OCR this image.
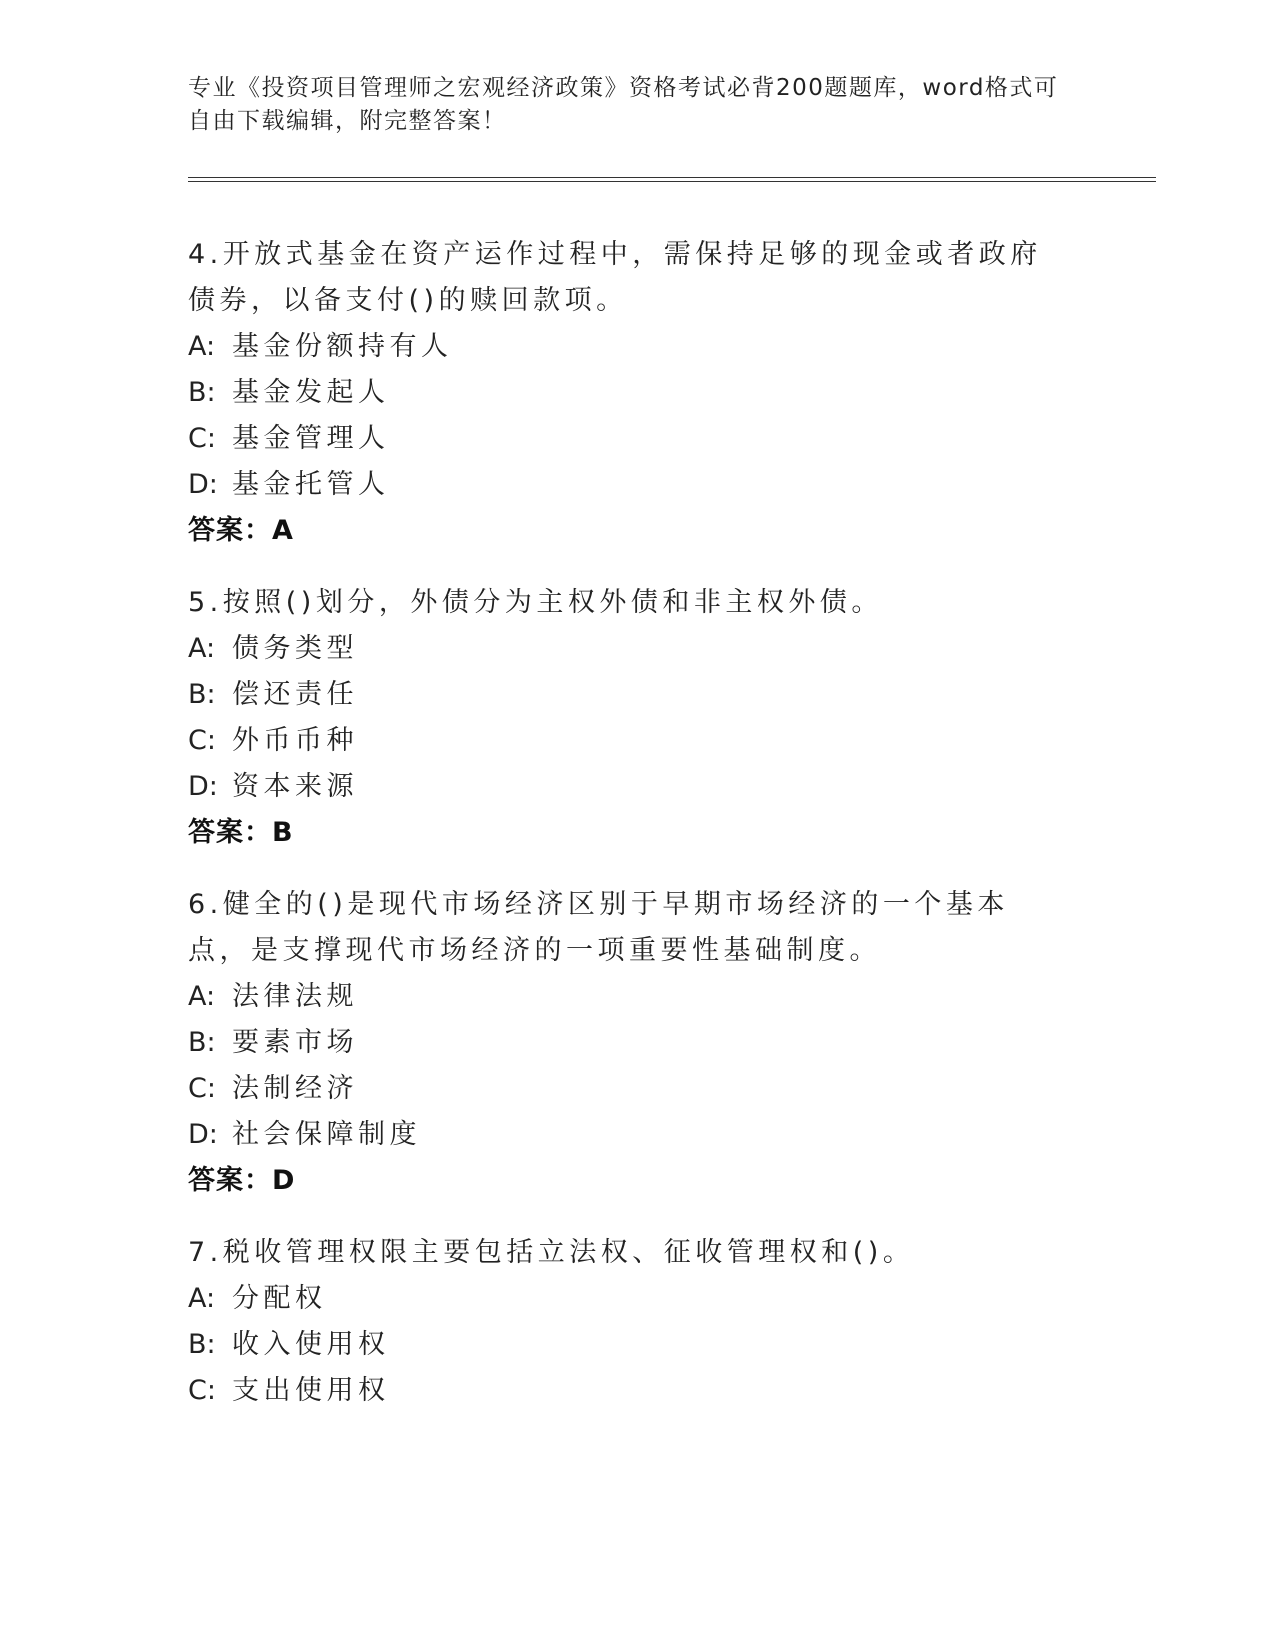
专业《投资项目管理师之宏观经济政策》资格考试必背200题题库，word格式可自由下载编辑，附完整答案！
4.开放式基金在资产运作过程中，需保持足够的现金或者政府债券，以备支付()的赎回款项。
A: 基金份额持有人
B: 基金发起人
C: 基金管理人
D: 基金托管人
答案：A
5.按照()划分，外债分为主权外债和非主权外债。
A: 债务类型
B: 偿还责任
C: 外币币种
D: 资本来源
答案：B
6.健全的()是现代市场经济区别于早期市场经济的一个基本点，是支撑现代市场经济的一项重要性基础制度。
A: 法律法规
B: 要素市场
C: 法制经济
D: 社会保障制度
答案：D
7.税收管理权限主要包括立法权、征收管理权和()。
A: 分配权
B: 收入使用权
C: 支出使用权
